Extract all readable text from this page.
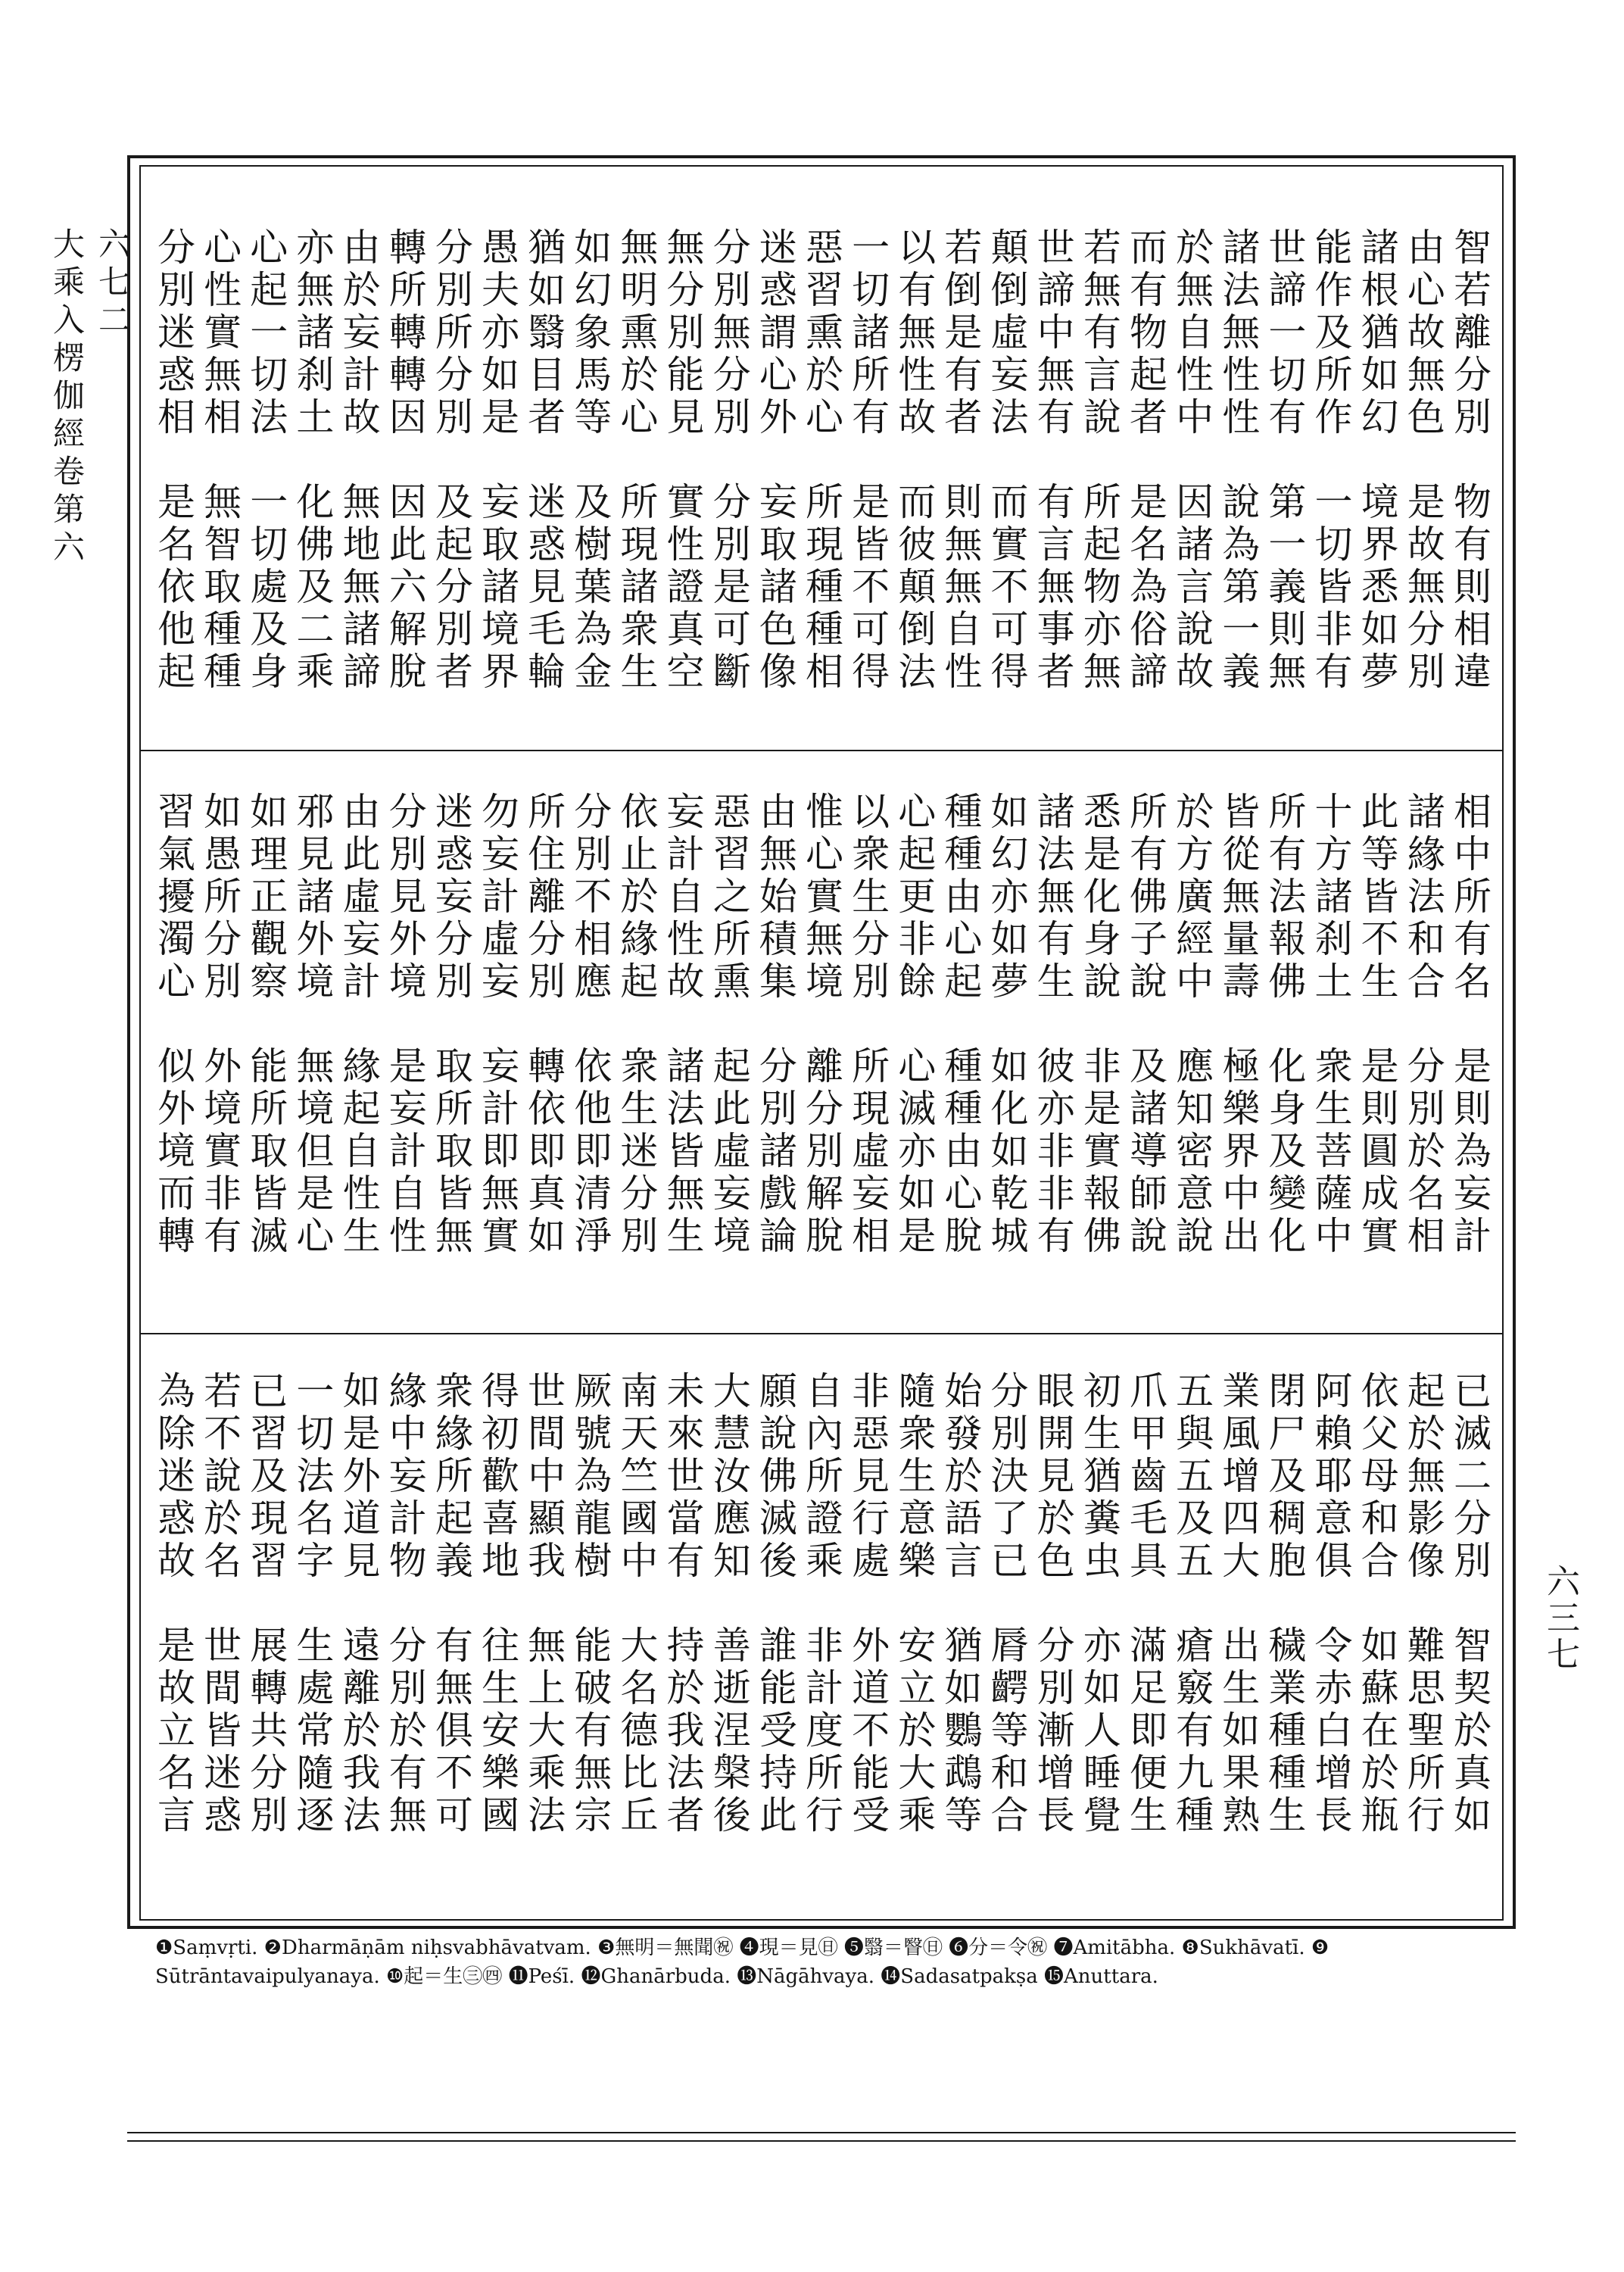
六七二
大乘入楞伽經卷第六
六三七
智若離分別　物有則相違
由心故無色　是故無分別
諸根猶如幻　境界悉如夢
能作及所作　一切皆非有
世諦一切有　第一義則無
諸法無性性　說為第一義
於無自性中　因諸言說故
而有物起者　是名為俗諦
若無有言說　所起物亦無
世諦中無有　有言無事者
顛倒虛妄法　而實不可得
若倒是有者　則無無自性
以有無性故　而彼顛倒法
一切諸所有　是皆不可得
惡習熏於心　所現種種相
迷惑謂心外　妄取諸色像
分別無分別　分別是可斷
無分別能見　實性證真空
無明熏於心　所現諸衆生
如幻象馬等　及樹葉為金
猶如翳目者　迷惑見毛輪
愚夫亦如是　妄取諸境界
分別所分別　及起分別者
轉所轉轉因　因此六解脫
由於妄計故　無地無諸諦
亦無諸刹土　化佛及二乘
心起一切法　一切處及身
心性實無相　無智取種種
分別迷惑相　是名依他起
相中所有名　是則為妄計
諸緣法和合　分別於名相
此等皆不生　是則圓成實
十方諸刹土　衆生菩薩中
所有法報佛　化身及變化
皆從無量壽　極樂界中出
於方廣經中　應知密意說
所有佛子說　及諸導師說
悉是化身說　非是實報佛
諸法無有生　彼亦非非有
如幻亦如夢　如化如乾城
種種由心起　種種由心脫
心起更非餘　心滅亦如是
以衆生分別　所現虛妄相
惟心實無境　離分別解脫
由無始積集　分別諸戲論
惡習之所熏　起此虛妄境
妄計自性故　諸法皆無生
依止於緣起　衆生迷分別
分別不相應　依他即清淨
所住離分別　轉依即真如
勿妄計虛妄　妄計即無實
迷惑妄分別　取所取皆無
分別見外境　是妄計自性
由此虛妄計　緣起自性生
邪見諸外境　無境但是心
如理正觀察　能所取皆滅
如愚所分別　外境實非有
習氣擾濁心　似外境而轉
已滅二分別　智契於真如
起於無影像　難思聖所行
依父母和合　如蘇在於瓶
阿賴耶意俱　令赤白增長
閉尸及稠胞　穢業種種生
業風增四大　出生如果熟
五與五及五　瘡竅有九種
爪甲齒毛具　滿足即便生
初生猶糞虫　亦如人睡覺
眼開見於色　分別漸增長
分別決了已　脣齶等和合
始發於語言　猶如鸚鵡等
隨衆生意樂　安立於大乘
非惡見行處　外道不能受
自內所證乘　非計度所行
願說佛滅後　誰能受持此
大慧汝應知　善逝涅槃後
未來世當有　持於我法者
南天竺國中　大名德比丘
厥號為龍樹　能破有無宗
世間中顯我　無上大乘法
得初歡喜地　往生安樂國
衆緣所起義　有無俱不可
緣中妄計物　分別於有無
如是外道見　遠離於我法
一切法名字　生處常隨逐
已習及現習　展轉共分別
若不說於名　世間皆迷惑
為除迷惑故　是故立名言

❶Saṃvṛti. ❷Dharmāṇām niḥsvabhāvatvam. ❸無明＝無聞㊗ ❹現＝見㊐ ❺翳＝瞖㊐ ❻分＝令㊗ ❼Amitābha. ❽Sukhāvatī. ❾

Sūtrāntavaipulyanaya. ❿起＝生㊂㊃ ⓫Peśī. ⓬Ghanārbuda. ⓭Nāgāhvaya. ⓮Sadasatpakṣa ⓯Anuttara.
